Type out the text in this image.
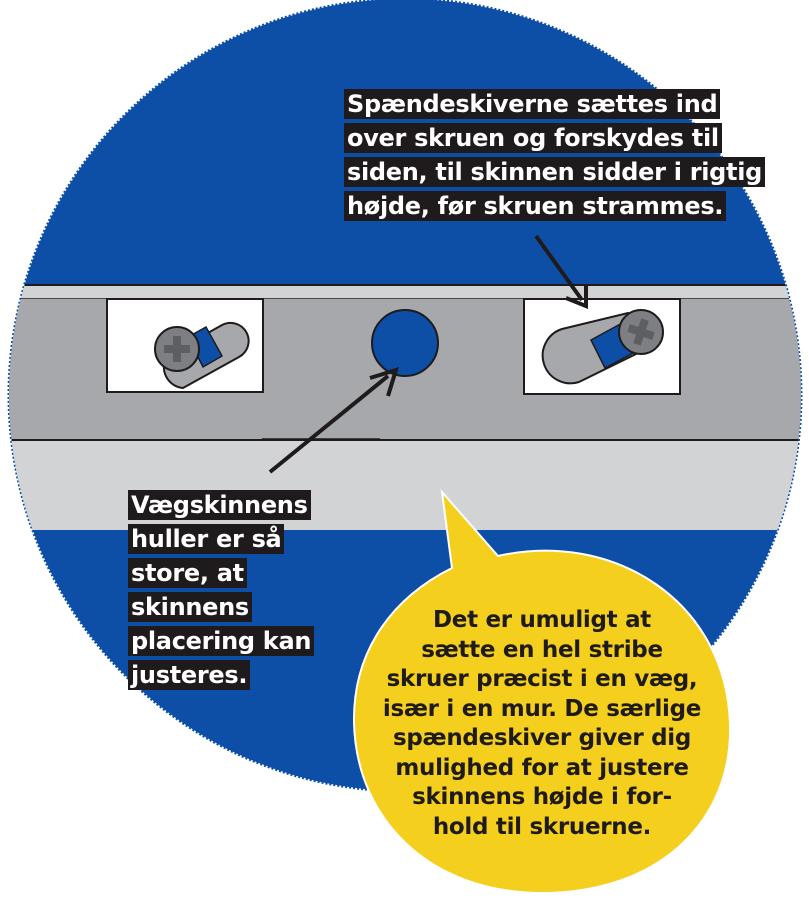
Spændeskiverne sættes ind
over skruen og forskydes til
siden, til skinnen sidder i rigtig
højde, før skruen strammes.
Vægskinnens
huller er så
store, at
skinnens
placering kan
justeres.
Det er umuligt at
sætte en hel stribe
skruer præcist i en væg,
især i en mur. De særlige
spændeskiver giver dig
mulighed for at justere
skinnens højde i for-
hold til skruerne.
